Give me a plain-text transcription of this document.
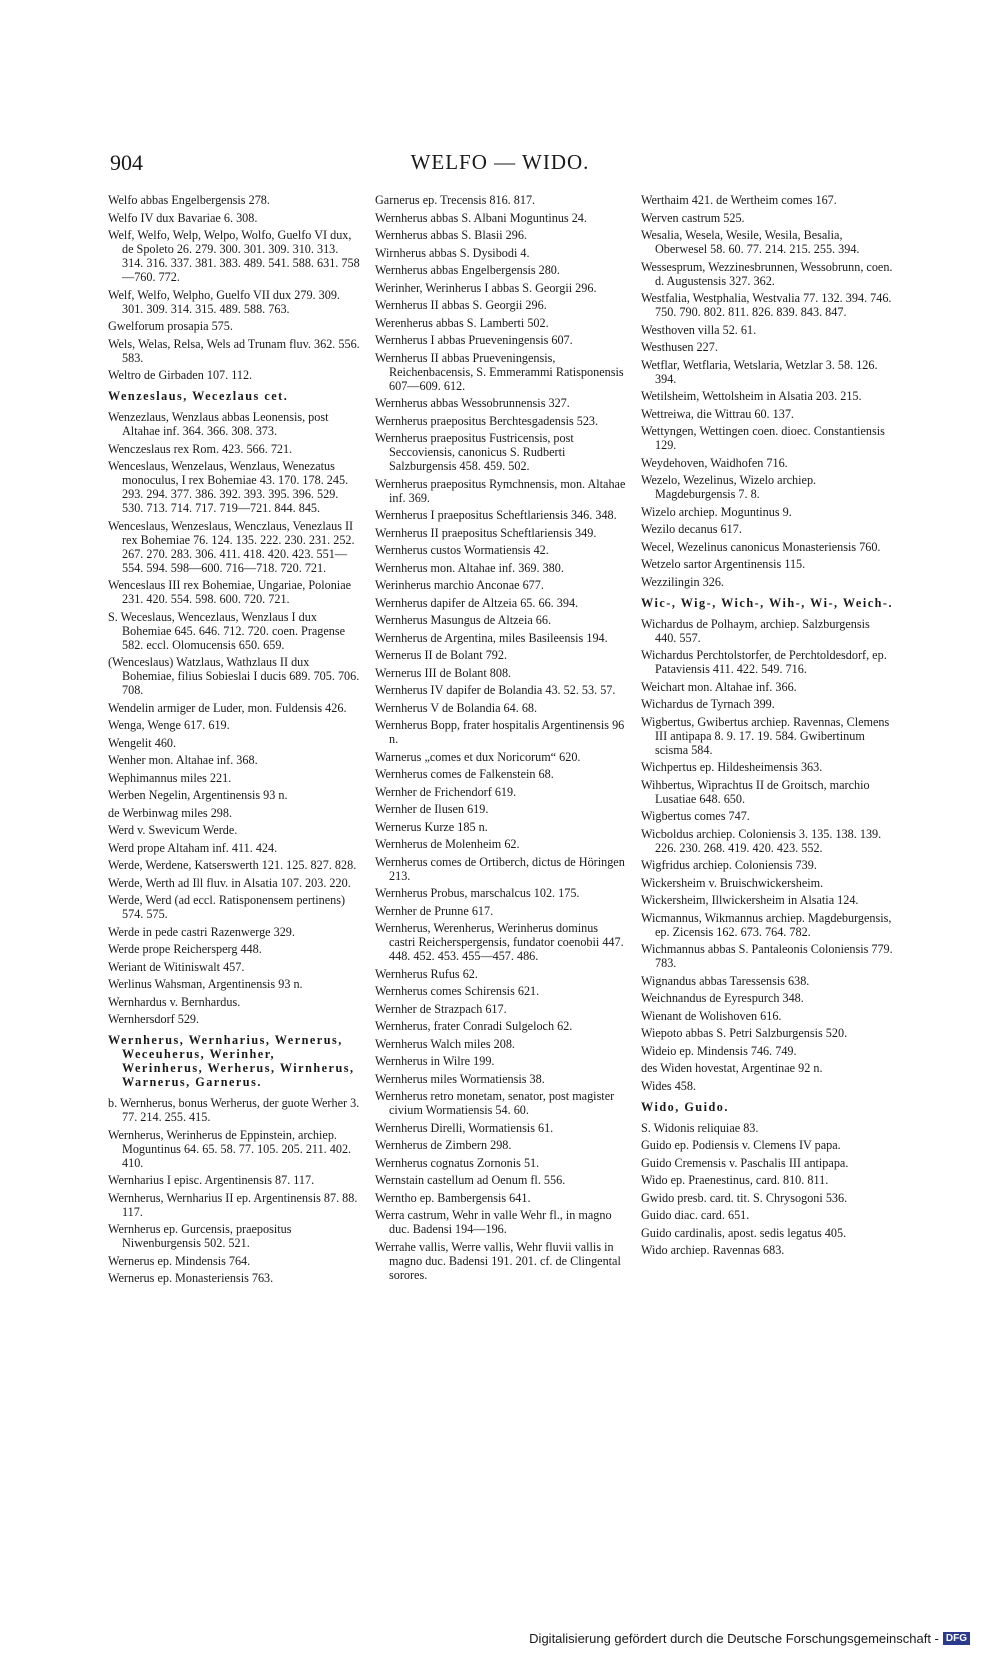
904	WELFO — WIDO.
Welfo abbas Engelbergensis 278.
Welfo IV dux Bavariae 6. 308.
Welf, Welfo, Welp, Welpo, Wolfo, Guelfo VI dux, de Spoleto 26. 279. 300. 301. 309. 310. 313. 314. 316. 337. 381. 383. 489. 541. 588. 631. 758—760. 772.
Welf, Welfo, Welpho, Guelfo VII dux 279. 309. 301. 309. 314. 315. 489. 588. 763.
Gwelforum prosapia 575.
Wels, Welas, Relsa, Wels ad Trunam fluv. 362. 556. 583.
Weltro de Girbaden 107. 112.
Wenzeslaus, Wecezlaus cet.
Wenzezlaus, Wenzlaus abbas Leonensis, post Altahae inf. 364. 366. 308. 373.
Wenczeslaus rex Rom. 423. 566. 721.
Wenceslaus, Wenzelaus, Wenzlaus, Wenezatus monoculus, I rex Bohemiae 43. 170. 178. 245. 293. 294. 377. 386. 392. 393. 395. 396. 529. 530. 713. 714. 717. 719—721. 844. 845.
Wenceslaus, Wenzeslaus, Wenczlaus, Venezlaus II rex Bohemiae 76. 124. 135. 222. 230. 231. 252. 267. 270. 283. 306. 411. 418. 420. 423. 551—554. 594. 598—600. 716—718. 720. 721.
Wenceslaus III rex Bohemiae, Ungariae, Poloniae 231. 420. 554. 598. 600. 720. 721.
S. Weceslaus, Wencezlaus, Wenzlaus I dux Bohemiae 645. 646. 712. 720. coen. Pragense 582. eccl. Olomucensis 650. 659.
(Wenceslaus) Watzlaus, Wathzlaus II dux Bohemiae, filius Sobieslai I ducis 689. 705. 706. 708.
Wendelin armiger de Luder, mon. Fuldensis 426.
Wenga, Wenge 617. 619.
Wengelit 460.
Wenher mon. Altahae inf. 368.
Wephimannus miles 221.
Werben Negelin, Argentinensis 93 n.
de Werbinwag miles 298.
Werd v. Swevicum Werde.
Werd prope Altaham inf. 411. 424.
Werde, Werdene, Katserswerth 121. 125. 827. 828.
Werde, Werth ad Ill fluv. in Alsatia 107. 203. 220.
Werde, Werd (ad eccl. Ratisponensem pertinens) 574. 575.
Werde in pede castri Razenwerge 329.
Werde prope Reichersperg 448.
Weriant de Witiniswalt 457.
Werlinus Wahsman, Argentinensis 93 n.
Wernhardus v. Bernhardus.
Wernhersdorf 529.
Wernherus, Wernharius, Wernerus, Weceuherus, Werinher, Werinherus, Werherus, Wirnherus, Warnerus, Garnerus.
b. Wernherus, bonus Werherus, der guote Werher 3. 77. 214. 255. 415.
Wernherus, Werinherus de Eppinstein, archiep. Moguntinus 64. 65. 58. 77. 105. 205. 211. 402. 410.
Wernharius I episc. Argentinensis 87. 117.
Wernherus, Wernharius II ep. Argentinensis 87. 88. 117.
Wernherus ep. Gurcensis, praepositus Niwenburgensis 502. 521.
Wernerus ep. Mindensis 764.
Wernerus ep. Monasteriensis 763.
Garnerus ep. Trecensis 816. 817.
Wernherus abbas S. Albani Moguntinus 24.
Wernherus abbas S. Blasii 296.
Wirnherus abbas S. Dysibodi 4.
Wernherus abbas Engelbergensis 280.
Werinher, Werinherus I abbas S. Georgii 296.
Wernherus II abbas S. Georgii 296.
Werenherus abbas S. Lamberti 502.
Wernherus I abbas Prueveningensis 607.
Wernherus II abbas Prueveningensis, Reichenbacensis, S. Emmerammi Ratisponensis 607—609. 612.
Wernherus abbas Wessobrunnensis 327.
Wernherus praepositus Berchtesgadensis 523.
Wernherus praepositus Fustricensis, post Seccoviensis, canonicus S. Rudberti Salzburgensis 458. 459. 502.
Wernherus praepositus Rymchnensis, mon. Altahae inf. 369.
Wernherus I praepositus Scheftlariensis 346. 348.
Wernherus II praepositus Scheftlariensis 349.
Wernherus custos Wormatiensis 42.
Wernherus mon. Altahae inf. 369. 380.
Werinherus marchio Anconae 677.
Wernherus dapifer de Altzeia 65. 66. 394.
Wernherus Masungus de Altzeia 66.
Wernherus de Argentina, miles Basileensis 194.
Wernerus II de Bolant 792.
Wernerus III de Bolant 808.
Wernherus IV dapifer de Bolandia 43. 52. 53. 57.
Wernherus V de Bolandia 64. 68.
Wernherus Bopp, frater hospitalis Argentinensis 96 n.
Warnerus „comes et dux Noricorum“ 620.
Wernherus comes de Falkenstein 68.
Wernher de Frichendorf 619.
Wernher de Ilusen 619.
Wernerus Kurze 185 n.
Wernherus de Molenheim 62.
Wernherus comes de Ortiberch, dictus de Höringen 213.
Wernherus Probus, marschalcus 102. 175.
Wernher de Prunne 617.
Wernherus, Werenherus, Werinherus dominus castri Reicherspergensis, fundator coenobii 447. 448. 452. 453. 455—457. 486.
Wernherus Rufus 62.
Wernherus comes Schirensis 621.
Wernher de Strazpach 617.
Wernherus, frater Conradi Sulgeloch 62.
Wernherus Walch miles 208.
Wernherus in Wilre 199.
Wernherus miles Wormatiensis 38.
Wernherus retro monetam, senator, post magister civium Wormatiensis 54. 60.
Wernherus Direlli, Wormatiensis 61.
Wernherus de Zimbern 298.
Wernherus cognatus Zornonis 51.
Wernstain castellum ad Oenum fl. 556.
Werntho ep. Bambergensis 641.
Werra castrum, Wehr in valle Wehr fl., in magno duc. Badensi 194—196.
Werrahe vallis, Werre vallis, Wehr fluvii vallis in magno duc. Badensi 191. 201. cf. de Clingental sorores.
Werthaim 421. de Wertheim comes 167.
Werven castrum 525.
Wesalia, Wesela, Wesile, Wesila, Besalia, Oberwesel 58. 60. 77. 214. 215. 255. 394.
Wessesprum, Wezzinesbrunnen, Wessobrunn, coen. d. Augustensis 327. 362.
Westfalia, Westphalia, Westvalia 77. 132. 394. 746. 750. 790. 802. 811. 826. 839. 843. 847.
Westhoven villa 52. 61.
Westhusen 227.
Wetflar, Wetflaria, Wetslaria, Wetzlar 3. 58. 126. 394.
Wetilsheim, Wettolsheim in Alsatia 203. 215.
Wettreiwa, die Wittrau 60. 137.
Wettyngen, Wettingen coen. dioec. Constantiensis 129.
Weydehoven, Waidhofen 716.
Wezelo, Wezelinus, Wizelo archiep. Magdeburgensis 7. 8.
Wizelo archiep. Moguntinus 9.
Wezilo decanus 617.
Wecel, Wezelinus canonicus Monasteriensis 760.
Wetzelo sartor Argentinensis 115.
Wezzilingin 326.
Wic-, Wig-, Wich-, Wih-, Wi-, Weich-.
Wichardus de Polhaym, archiep. Salzburgensis 440. 557.
Wichardus Perchtolstorfer, de Perchtoldesdorf, ep. Pataviensis 411. 422. 549. 716.
Weichart mon. Altahae inf. 366.
Wichardus de Tyrnach 399.
Wigbertus, Gwibertus archiep. Ravennas, Clemens III antipapa 8. 9. 17. 19. 584. Gwibertinum scisma 584.
Wichpertus ep. Hildesheimensis 363.
Wihbertus, Wiprachtus II de Groitsch, marchio Lusatiae 648. 650.
Wigbertus comes 747.
Wicboldus archiep. Coloniensis 3. 135. 138. 139. 226. 230. 268. 419. 420. 423. 552.
Wigfridus archiep. Coloniensis 739.
Wickersheim v. Bruischwickersheim.
Wickersheim, Illwickersheim in Alsatia 124.
Wicmannus, Wikmannus archiep. Magdeburgensis, ep. Zicensis 162. 673. 764. 782.
Wichmannus abbas S. Pantaleonis Coloniensis 779. 783.
Wignandus abbas Taressensis 638.
Weichnandus de Eyrespurch 348.
Wienant de Wolishoven 616.
Wiepoto abbas S. Petri Salzburgensis 520.
Wideio ep. Mindensis 746. 749.
des Widen hovestat, Argentinae 92 n.
Wides 458.
Wido, Guido.
S. Widonis reliquiae 83.
Guido ep. Podiensis v. Clemens IV papa.
Guido Cremensis v. Paschalis III antipapa.
Wido ep. Praenestinus, card. 810. 811.
Gwido presb. card. tit. S. Chrysogoni 536.
Guido diac. card. 651.
Guido cardinalis, apost. sedis legatus 405.
Wido archiep. Ravennas 683.
Digitalisierung gefördert durch die Deutsche Forschungsgemeinschaft - DFG
